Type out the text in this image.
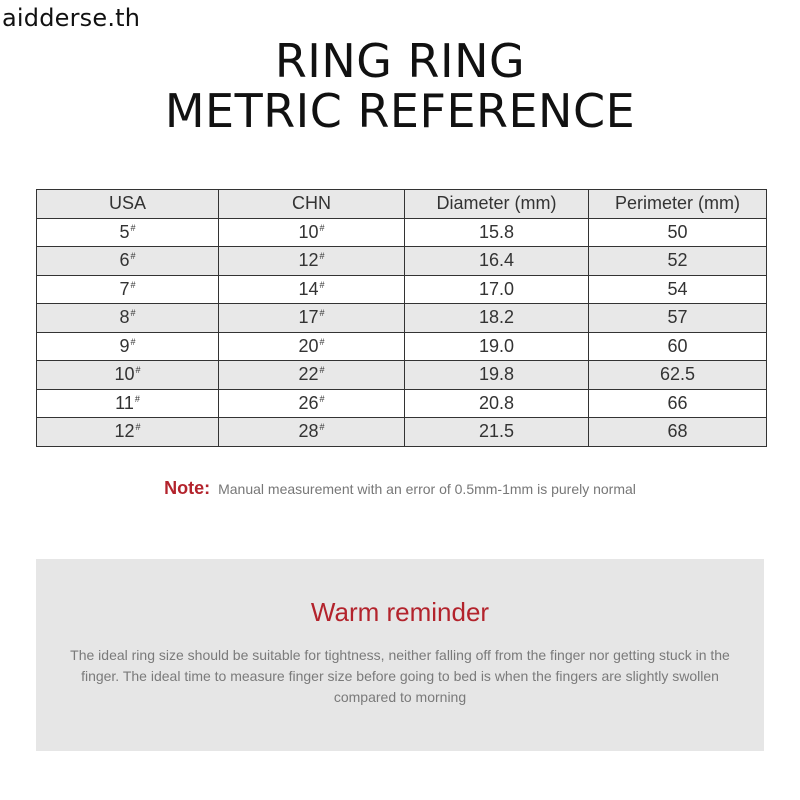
aidderse.th
RING RING
METRIC REFERENCE
USA	CHN	Diameter (mm)	Perimeter (mm)
5#	10#	15.8	50
6#	12#	16.4	52
7#	14#	17.0	54
8#	17#	18.2	57
9#	20#	19.0	60
10#	22#	19.8	62.5
11#	26#	20.8	66
12#	28#	21.5	68
Note: Manual measurement with an error of 0.5mm-1mm is purely normal
Warm reminder
The ideal ring size should be suitable for tightness, neither falling off from the finger nor getting stuck in the finger. The ideal time to measure finger size before going to bed is when the fingers are slightly swollen compared to morning
